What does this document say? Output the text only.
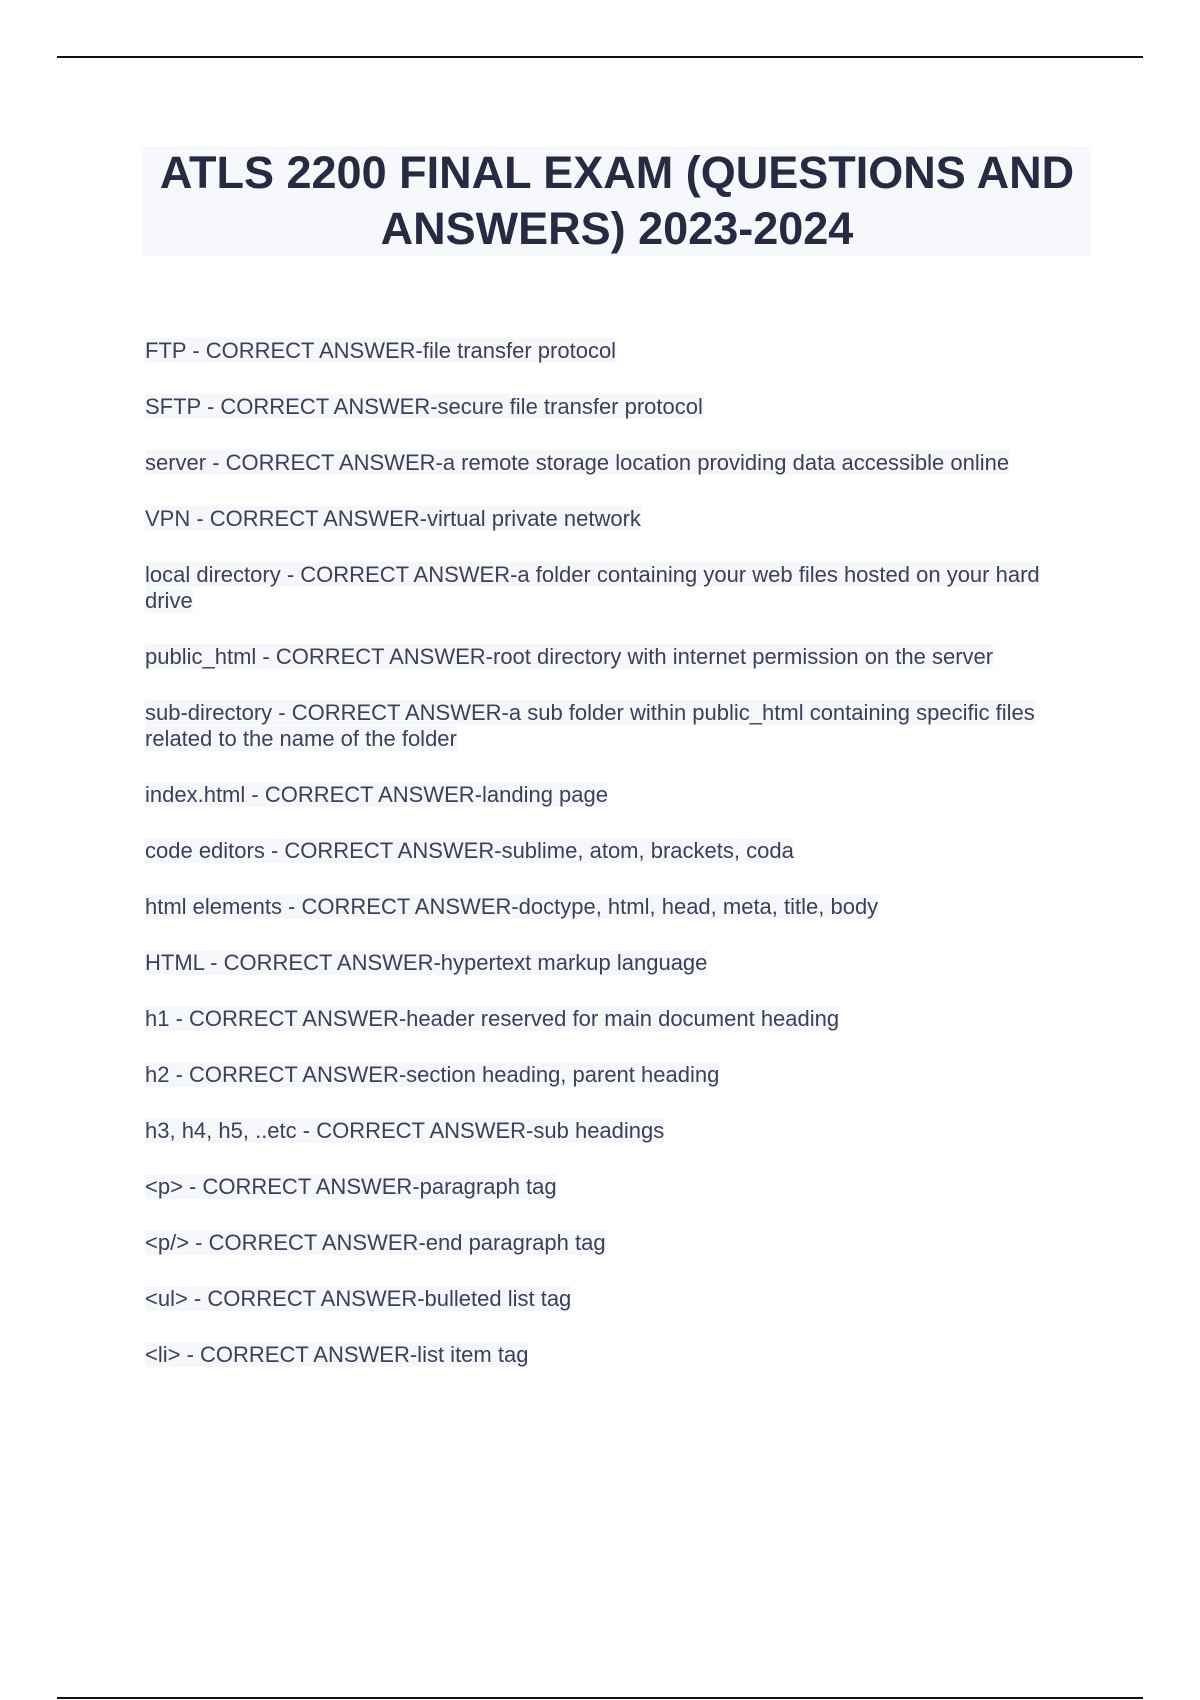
ATLS 2200 FINAL EXAM (QUESTIONS AND ANSWERS) 2023-2024
FTP - CORRECT ANSWER-file transfer protocol
SFTP - CORRECT ANSWER-secure file transfer protocol
server - CORRECT ANSWER-a remote storage location providing data accessible online
VPN - CORRECT ANSWER-virtual private network
local directory - CORRECT ANSWER-a folder containing your web files hosted on your hard drive
public_html - CORRECT ANSWER-root directory with internet permission on the server
sub-directory - CORRECT ANSWER-a sub folder within public_html containing specific files related to the name of the folder
index.html - CORRECT ANSWER-landing page
code editors - CORRECT ANSWER-sublime, atom, brackets, coda
html elements - CORRECT ANSWER-doctype, html, head, meta, title, body
HTML - CORRECT ANSWER-hypertext markup language
h1 - CORRECT ANSWER-header reserved for main document heading
h2 - CORRECT ANSWER-section heading, parent heading
h3, h4, h5, ..etc - CORRECT ANSWER-sub headings
<p> - CORRECT ANSWER-paragraph tag
<p/> - CORRECT ANSWER-end paragraph tag
<ul> - CORRECT ANSWER-bulleted list tag
<li> - CORRECT ANSWER-list item tag
